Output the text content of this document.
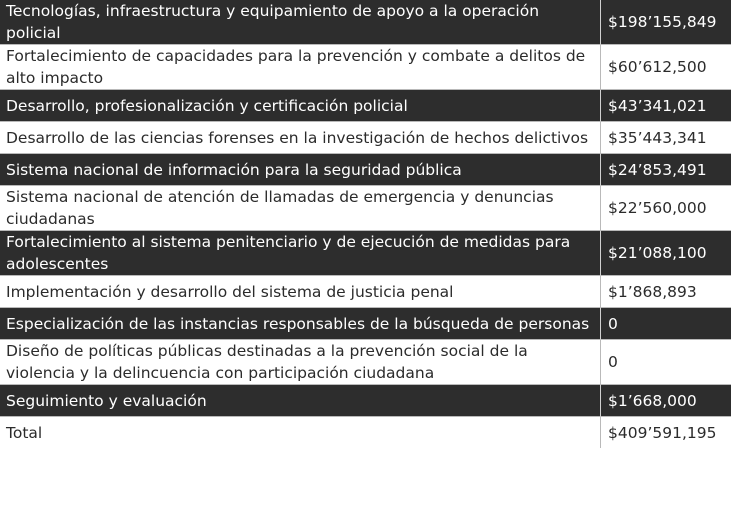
Tecnologías, infraestructura y equipamiento de apoyo a la operación policial	$198’155,849
Fortalecimiento de capacidades para la prevención y combate a delitos de alto impacto	$60’612,500
Desarrollo, profesionalización y certificación policial	$43’341,021
Desarrollo de las ciencias forenses en la investigación de hechos delictivos	$35’443,341
Sistema nacional de información para la seguridad pública	$24’853,491
Sistema nacional de atención de llamadas de emergencia y denuncias ciudadanas	$22’560,000
Fortalecimiento al sistema penitenciario y de ejecución de medidas para adolescentes	$21’088,100
Implementación y desarrollo del sistema de justicia penal	$1’868,893
Especialización de las instancias responsables de la búsqueda de personas	0
Diseño de políticas públicas destinadas a la prevención social de la violencia y la delincuencia con participación ciudadana	0
Seguimiento y evaluación	$1’668,000
Total	$409’591,195
